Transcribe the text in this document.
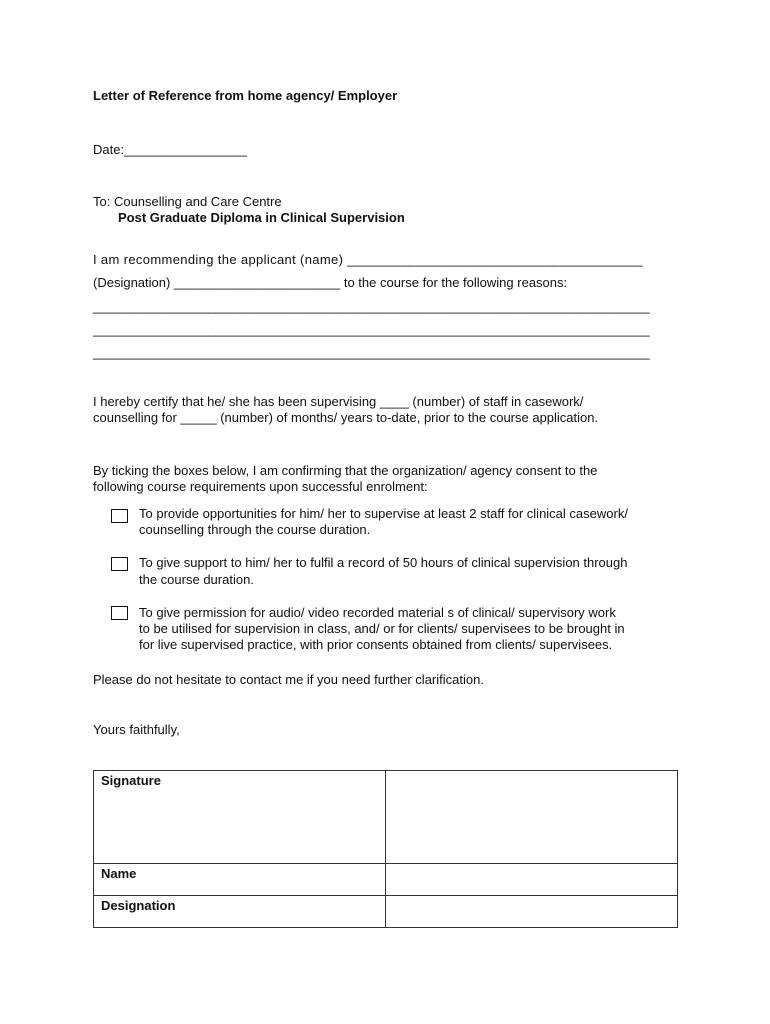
Letter of Reference from home agency/ Employer
Date:_________________
To: Counselling and Care Centre
Post Graduate Diploma in Clinical Supervision
I am recommending the applicant (name) _______________________________________
(Designation) _______________________ to the course for the following reasons:
_____________________________________________________________________________
_____________________________________________________________________________
_____________________________________________________________________________
I hereby certify that he/ she has been supervising ____ (number) of staff in casework/
counselling for _____ (number) of months/ years to-date, prior to the course application.
By ticking the boxes below, I am confirming that the organization/ agency consent to the
following course requirements upon successful enrolment:
To provide opportunities for him/ her to supervise at least 2 staff for clinical casework/
counselling through the course duration.
To give support to him/ her to fulfil a record of 50 hours of clinical supervision through
the course duration.
To give permission for audio/ video recorded material s of clinical/ supervisory work
to be utilised for supervision in class, and/ or for clients/ supervisees to be brought in
for live supervised practice, with prior consents obtained from clients/ supervisees.
Please do not hesitate to contact me if you need further clarification.
Yours faithfully,
Signature	
Name	
Designation	
